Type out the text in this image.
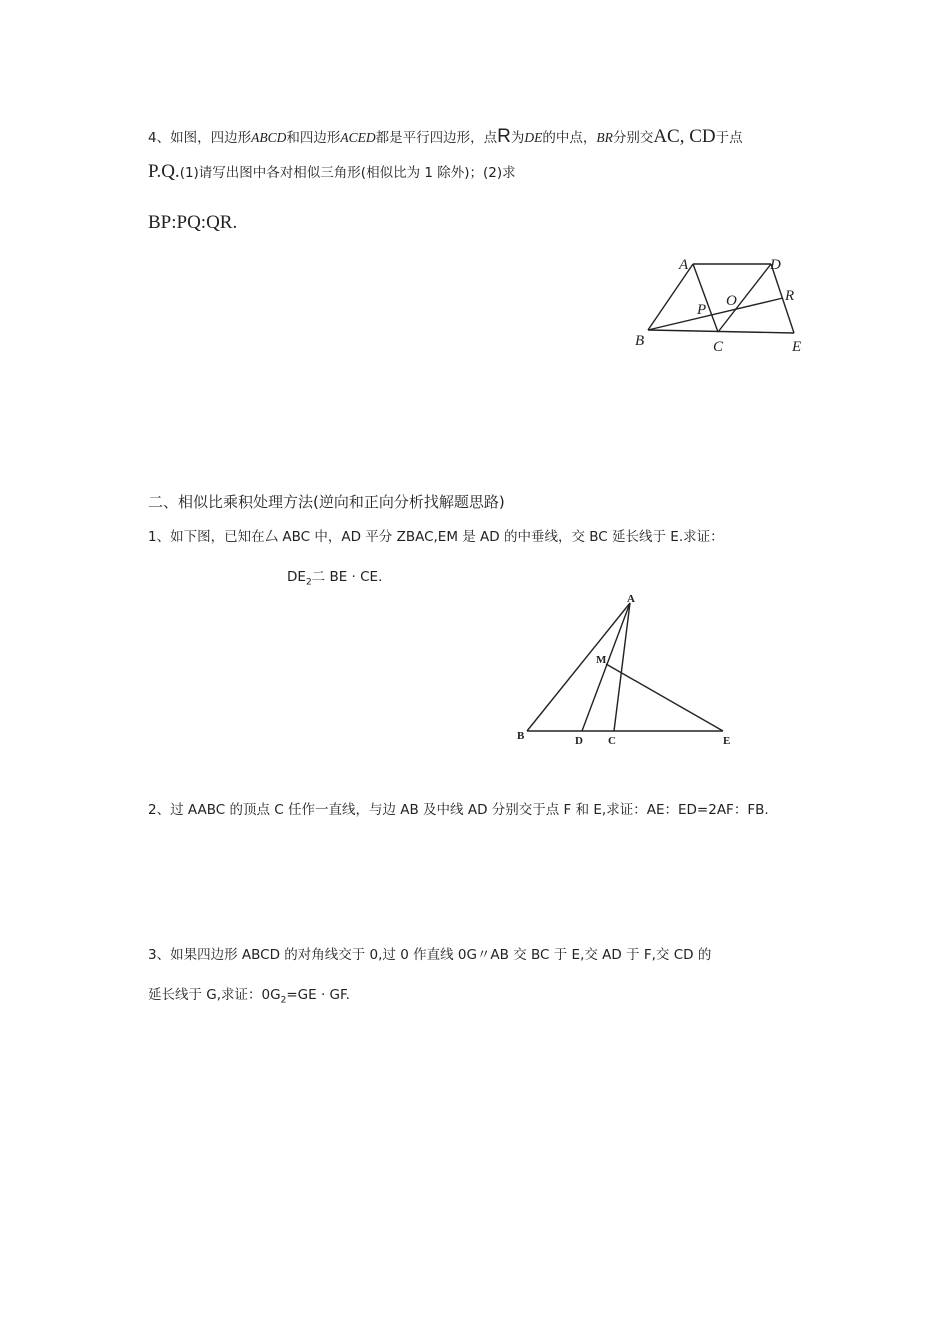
4、如图，四边形ABCD和四边形ACED都是平行四边形，点R为DE的中点，BR分别交AC, CD于点
P.Q.(1)请写出图中各对相似三角形(相似比为 1 除外)；(2)求
BP:PQ:QR.
A	D
R
P
O
B	C	E
二、相似比乘积处理方法(逆向和正向分析找解题思路)
1、如下图，已知在厶 ABC 中，AD 平分 ZBAC,EM 是 AD 的中垂线，交 BC 延长线于 E.求证：
$DE_2$二 BE · CE.
A
M
B	D C	E
2、过 AABC 的顶点 C 任作一直线，与边 AB 及中线 AD 分别交于点 F 和 E,求证：AE：ED=2AF：FB.
3、如果四边形 ABCD 的对角线交于 0,过 0 作直线 0G〃AB 交 BC 于 E,交 AD 于 F,交 CD 的
延长线于 G,求证：$0G_2=GE$ · GF.
